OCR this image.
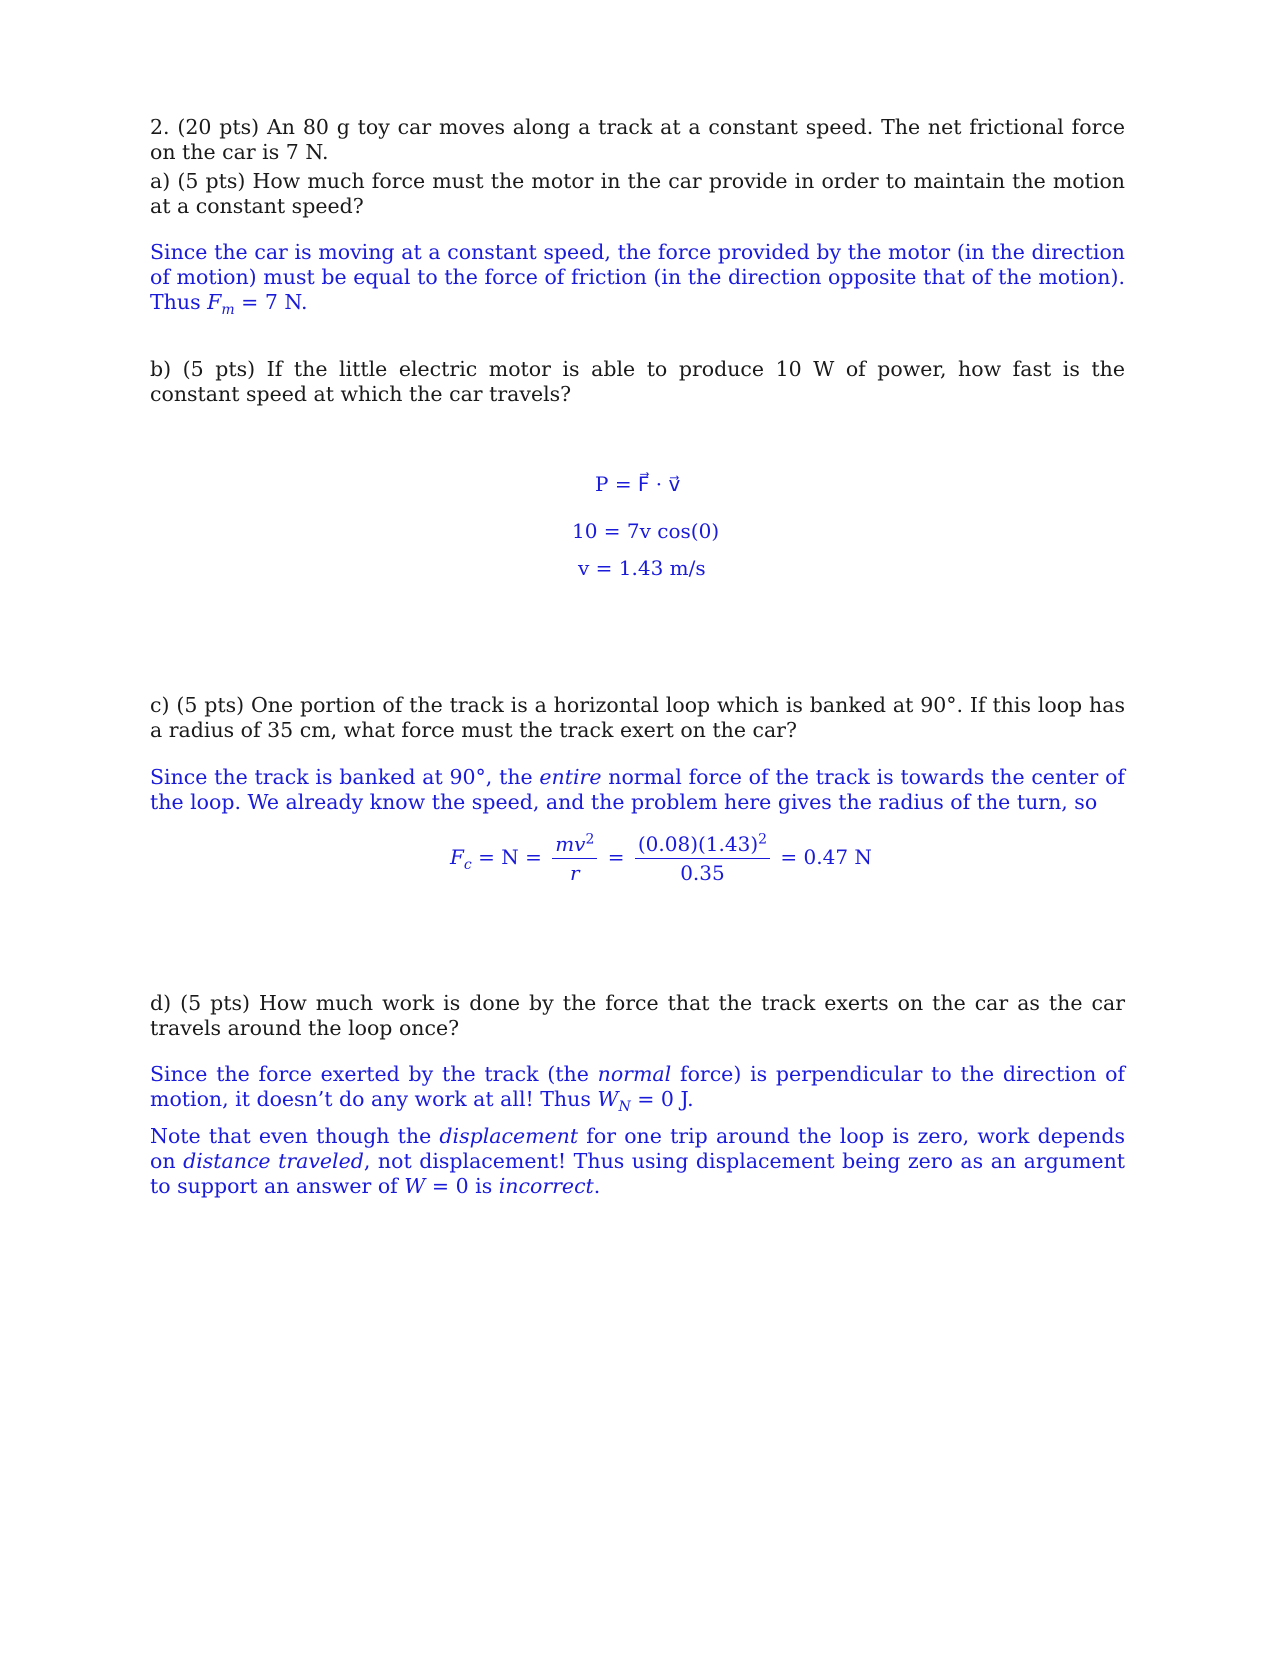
2. (20 pts) An 80 g toy car moves along a track at a constant speed. The net frictional force on the car is 7 N.

a) (5 pts) How much force must the motor in the car provide in order to maintain the motion at a constant speed?

Since the car is moving at a constant speed, the force provided by the motor (in the direction of motion) must be equal to the force of friction (in the direction opposite that of the motion). Thus $F_m = 7$ N.

b) (5 pts) If the little electric motor is able to produce 10 W of power, how fast is the constant speed at which the car travels?

P = F⃗ · v⃗
10 = 7v cos(0)
v = 1.43 m/s

c) (5 pts) One portion of the track is a horizontal loop which is banked at 90°. If this loop has a radius of 35 cm, what force must the track exert on the car?

Since the track is banked at 90°, the entire normal force of the track is towards the center of the loop. We already know the speed, and the problem here gives the radius of the turn, so

$F_c = N = \frac{mv^2}{r} = \frac{(0.08)(1.43)^2}{0.35} = 0.47$ N

d) (5 pts) How much work is done by the force that the track exerts on the car as the car travels around the loop once?

Since the force exerted by the track (the normal force) is perpendicular to the direction of motion, it doesn’t do any work at all! Thus $W_N = 0$ J.

Note that even though the displacement for one trip around the loop is zero, work depends on distance traveled, not displacement! Thus using displacement being zero as an argument to support an answer of W = 0 is incorrect.
